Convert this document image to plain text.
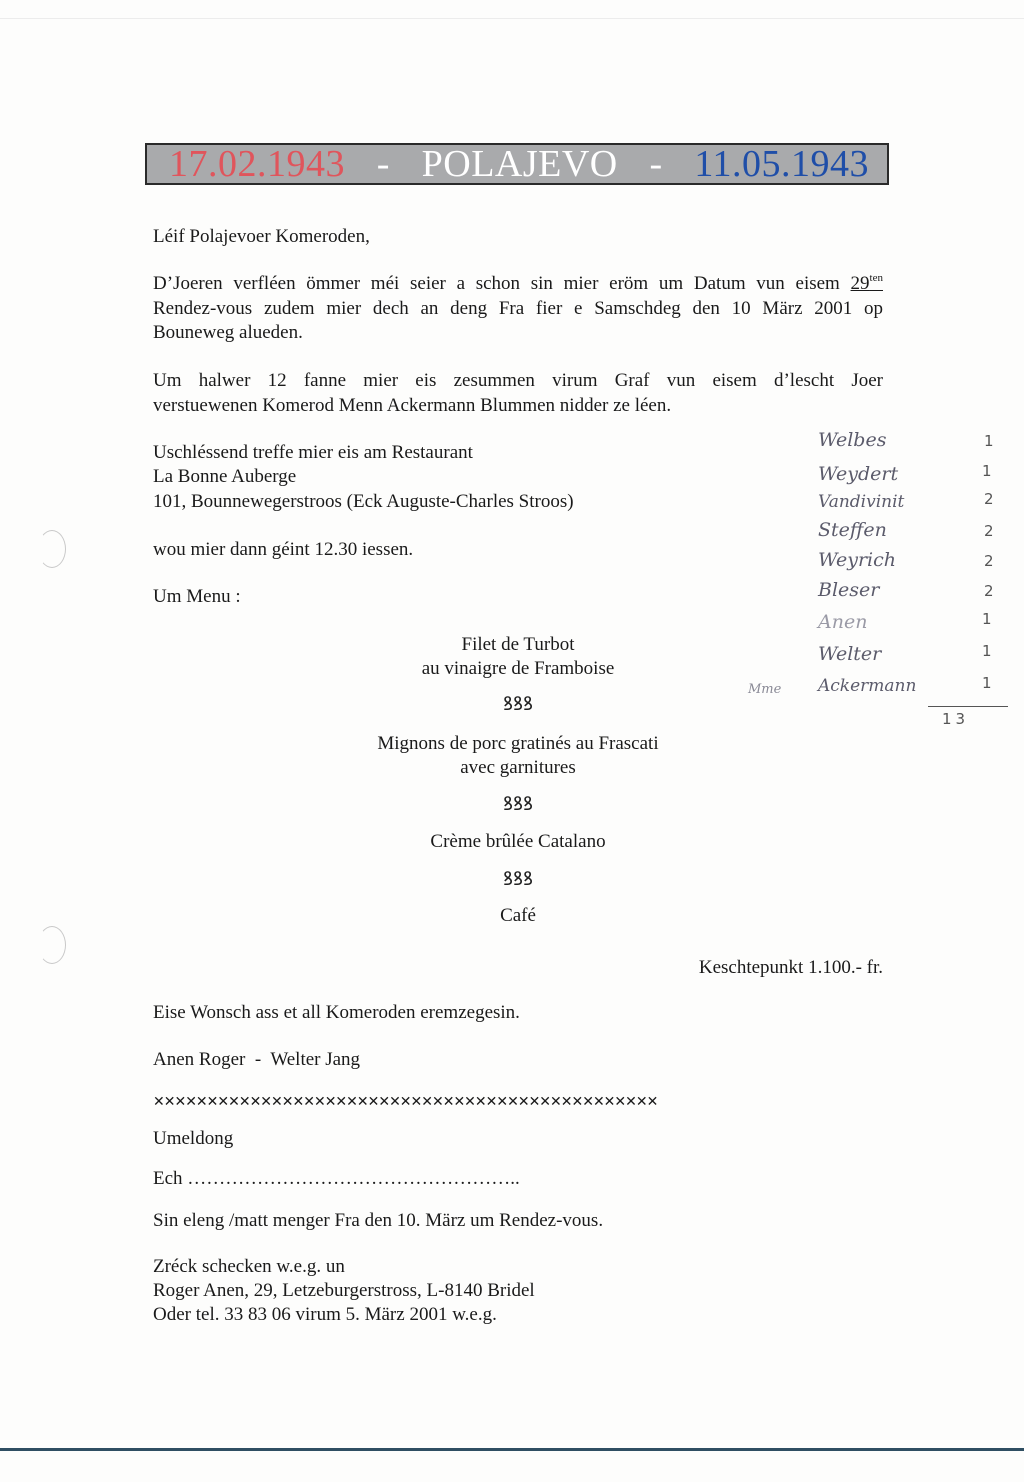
17.02.1943 - POLAJEVO - 11.05.1943
Léif Polajevoer Komeroden,
D’Joeren verfléen ömmer méi seier a schon sin mier eröm um Datum vun eisem $29^{ten}$
Rendez-vous zudem mier dech an deng Fra fier e Samschdeg den 10 März 2001 op
Bouneweg alueden.
Um halwer 12 fanne mier eis zesummen virum Graf vun eisem d’lescht Joer
verstuewenen Komerod Menn Ackermann Blummen nidder ze léen.
Uschléssend treffe mier eis am Restaurant
La Bonne Auberge
101, Bounnewegerstroos (Eck Auguste-Charles Stroos)
wou mier dann géint 12.30 iessen.
Um Menu :
Filet de Turbot
au vinaigre de Framboise
ꝸꝸꝸ
Mignons de porc gratinés au Frascati
avec garnitures
ꝸꝸꝸ
Crème brûlée Catalano
ꝸꝸꝸ
Café
Keschtepunkt 1.100.- fr.
Eise Wonsch ass et all Komeroden eremzegesin.
Anen Roger  -  Welter Jang
✕✕✕✕✕✕✕✕✕✕✕✕✕✕✕✕✕✕✕✕✕✕✕✕✕✕✕✕✕✕✕✕✕✕✕✕✕✕✕✕✕✕✕✕✕✕✕
Umeldong
Ech ……………………………………………..
Sin eleng /matt menger Fra den 10. März um Rendez-vous.
Zréck schecken w.e.g. un
Roger Anen, 29, Letzeburgerstross, L-8140 Bridel
Oder tel. 33 83 06 virum 5. März 2001 w.e.g.
Welbes
Weydert
Vandivinit
Steffen
Weyrich
Bleser
Anen
Welter
Mme Ackermann
1
1
2
2
2
2
1
1
1
13
